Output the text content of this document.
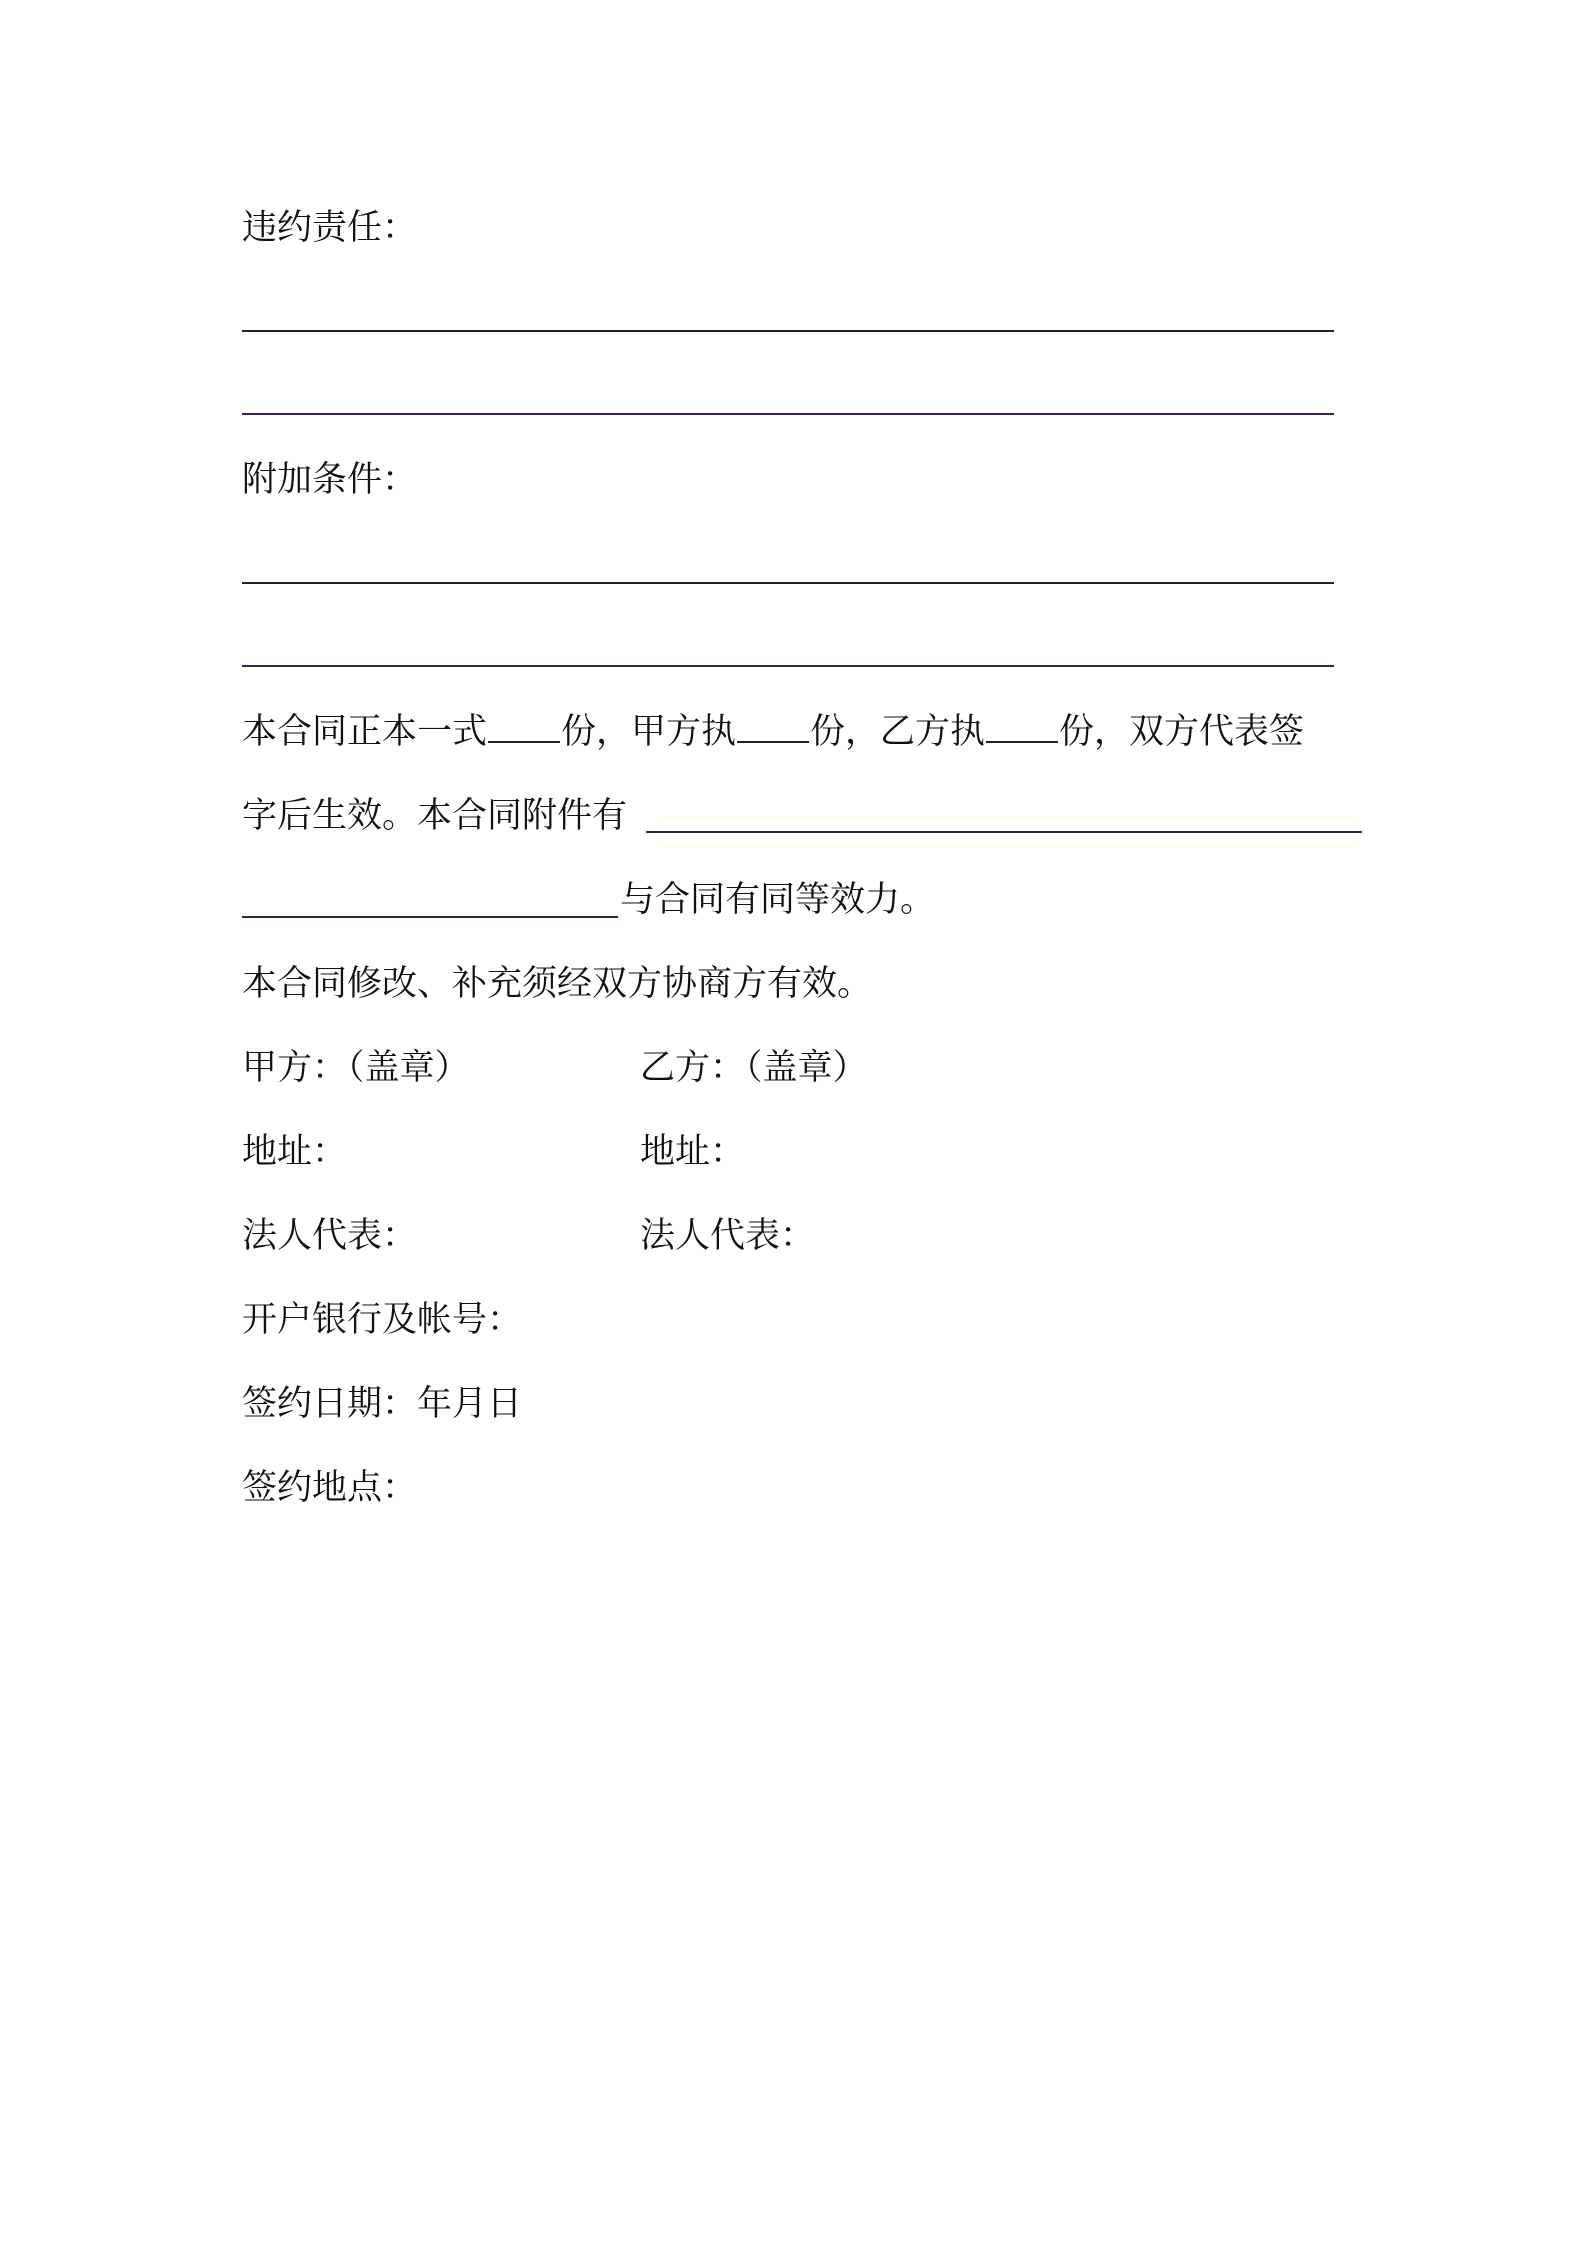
违约责任：
附加条件：
本合同正本一式 份，甲方执 份，乙方执 份，双方代表签
字后生效。本合同附件有
与合同有同等效力。
本合同修改、补充须经双方协商方有效。
甲方：（盖章）	乙方：（盖章）
地址：	地址：
法人代表：	法人代表：
开户银行及帐号：
签约日期：年月日
签约地点：
